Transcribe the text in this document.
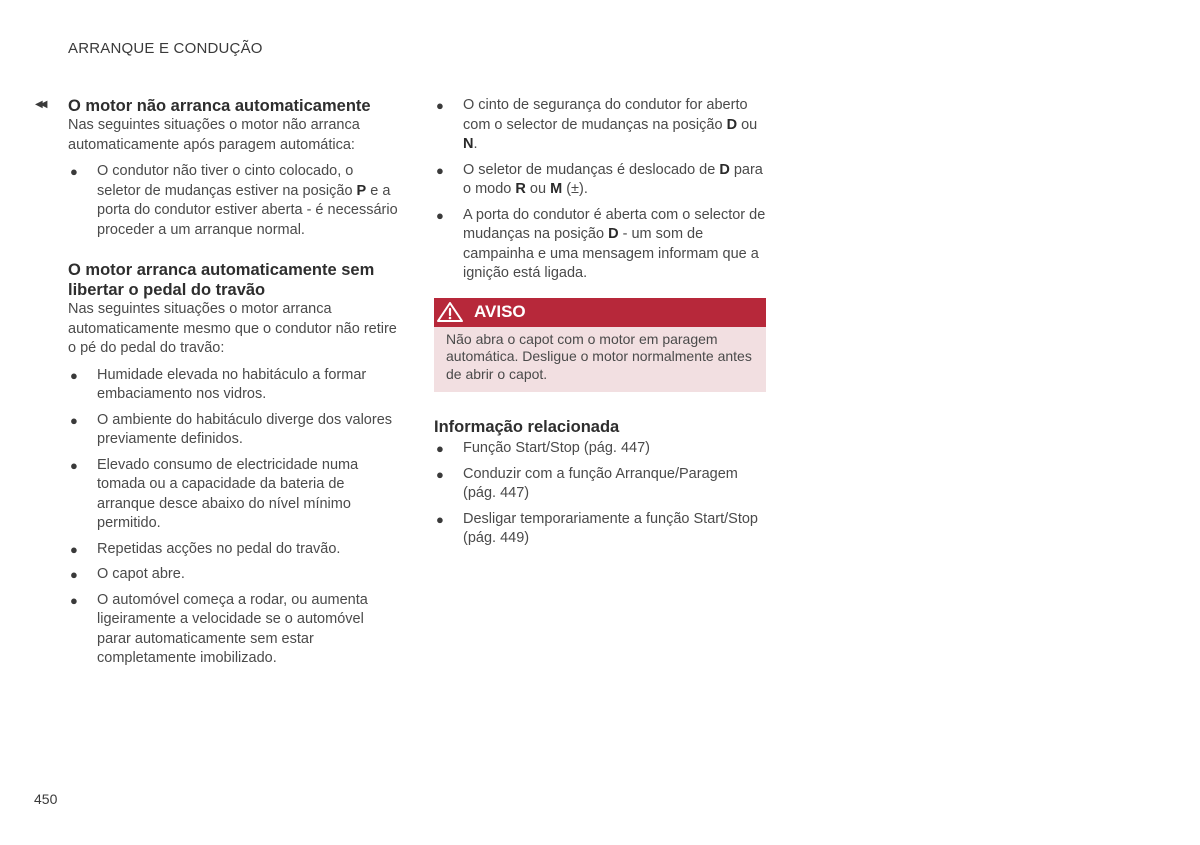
ARRANQUE E CONDUÇÃO
◀◀ O motor não arranca automaticamente

Nas seguintes situações o motor não arranca automaticamente após paragem automática:

● O condutor não tiver o cinto colocado, o seletor de mudanças estiver na posição P e a porta do condutor estiver aberta - é necessário proceder a um arranque normal.
O motor arranca automaticamente sem libertar o pedal do travão

Nas seguintes situações o motor arranca automaticamente mesmo que o condutor não retire o pé do pedal do travão:

● Humidade elevada no habitáculo a formar embaciamento nos vidros.
● O ambiente do habitáculo diverge dos valores previamente definidos.
● Elevado consumo de electricidade numa tomada ou a capacidade da bateria de arranque desce abaixo do nível mínimo permitido.
● Repetidas acções no pedal do travão.
● O capot abre.
● O automóvel começa a rodar, ou aumenta ligeiramente a velocidade se o automóvel parar automaticamente sem estar completamente imobilizado.
● O cinto de segurança do condutor for aberto com o selector de mudanças na posição D ou N.
● O seletor de mudanças é deslocado de D para o modo R ou M (±).
● A porta do condutor é aberta com o selector de mudanças na posição D - um som de campainha e uma mensagem informam que a ignição está ligada.
AVISO
Não abra o capot com o motor em paragem automática. Desligue o motor normalmente antes de abrir o capot.
Informação relacionada
● Função Start/Stop (pág. 447)
● Conduzir com a função Arranque/Paragem (pág. 447)
● Desligar temporariamente a função Start/Stop (pág. 449)
450
